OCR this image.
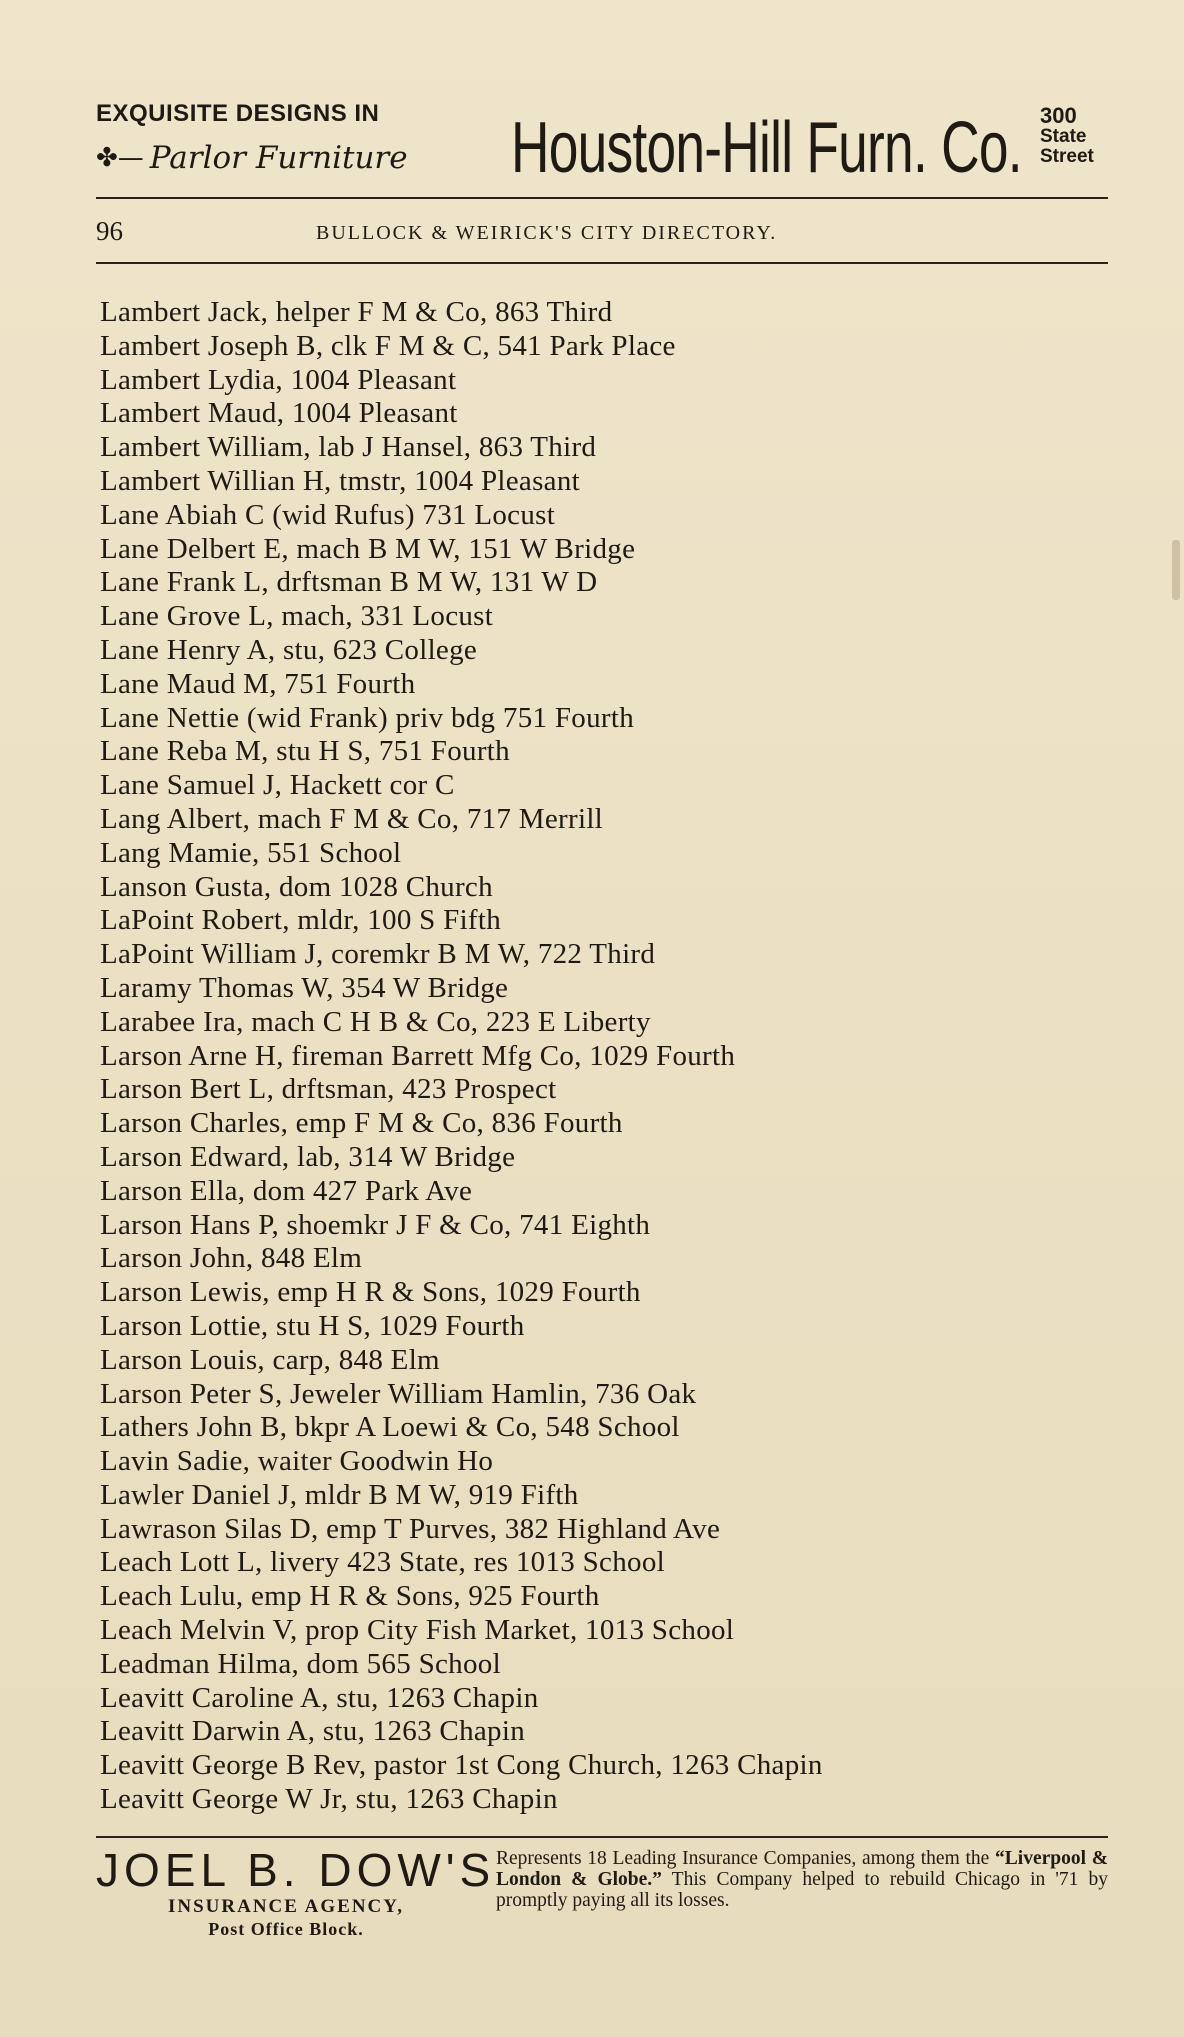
EXQUISITE DESIGNS IN
✤— Parlor Furniture Houston-Hill Furn. Co. 300
State
Street
96	BULLOCK & WEIRICK'S CITY DIRECTORY.
Lambert Jack, helper F M & Co, 863 Third
Lambert Joseph B, clk F M & C, 541 Park Place
Lambert Lydia, 1004 Pleasant
Lambert Maud, 1004 Pleasant
Lambert William, lab J Hansel, 863 Third
Lambert Willian H, tmstr, 1004 Pleasant
Lane Abiah C (wid Rufus) 731 Locust
Lane Delbert E, mach B M W, 151 W Bridge
Lane Frank L, drftsman B M W, 131 W D
Lane Grove L, mach, 331 Locust
Lane Henry A, stu, 623 College
Lane Maud M, 751 Fourth
Lane Nettie (wid Frank) priv bdg 751 Fourth
Lane Reba M, stu H S, 751 Fourth
Lane Samuel J, Hackett cor C
Lang Albert, mach F M & Co, 717 Merrill
Lang Mamie, 551 School
Lanson Gusta, dom 1028 Church
LaPoint Robert, mldr, 100 S Fifth
LaPoint William J, coremkr B M W, 722 Third
Laramy Thomas W, 354 W Bridge
Larabee Ira, mach C H B & Co, 223 E Liberty
Larson Arne H, fireman Barrett Mfg Co, 1029 Fourth
Larson Bert L, drftsman, 423 Prospect
Larson Charles, emp F M & Co, 836 Fourth
Larson Edward, lab, 314 W Bridge
Larson Ella, dom 427 Park Ave
Larson Hans P, shoemkr J F & Co, 741 Eighth
Larson John, 848 Elm
Larson Lewis, emp H R & Sons, 1029 Fourth
Larson Lottie, stu H S, 1029 Fourth
Larson Louis, carp, 848 Elm
Larson Peter S, Jeweler William Hamlin, 736 Oak
Lathers John B, bkpr A Loewi & Co, 548 School
Lavin Sadie, waiter Goodwin Ho
Lawler Daniel J, mldr B M W, 919 Fifth
Lawrason Silas D, emp T Purves, 382 Highland Ave
Leach Lott L, livery 423 State, res 1013 School
Leach Lulu, emp H R & Sons, 925 Fourth
Leach Melvin V, prop City Fish Market, 1013 School
Leadman Hilma, dom 565 School
Leavitt Caroline A, stu, 1263 Chapin
Leavitt Darwin A, stu, 1263 Chapin
Leavitt George B Rev, pastor 1st Cong Church, 1263 Chapin
Leavitt George W Jr, stu, 1263 Chapin
JOEL B. DOW'S
INSURANCE AGENCY,
Post Office Block.
Represents 18 Leading Insurance Companies, among them the “Liverpool & London & Globe.” This Company helped to rebuild Chicago in '71 by promptly paying all its losses.
